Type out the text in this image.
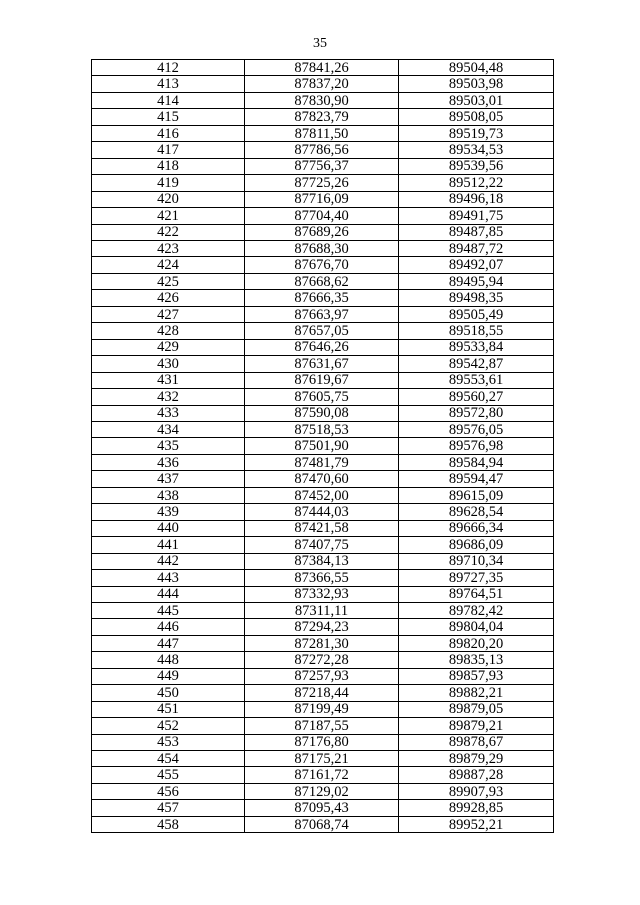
35
412	87841,26	89504,48
413	87837,20	89503,98
414	87830,90	89503,01
415	87823,79	89508,05
416	87811,50	89519,73
417	87786,56	89534,53
418	87756,37	89539,56
419	87725,26	89512,22
420	87716,09	89496,18
421	87704,40	89491,75
422	87689,26	89487,85
423	87688,30	89487,72
424	87676,70	89492,07
425	87668,62	89495,94
426	87666,35	89498,35
427	87663,97	89505,49
428	87657,05	89518,55
429	87646,26	89533,84
430	87631,67	89542,87
431	87619,67	89553,61
432	87605,75	89560,27
433	87590,08	89572,80
434	87518,53	89576,05
435	87501,90	89576,98
436	87481,79	89584,94
437	87470,60	89594,47
438	87452,00	89615,09
439	87444,03	89628,54
440	87421,58	89666,34
441	87407,75	89686,09
442	87384,13	89710,34
443	87366,55	89727,35
444	87332,93	89764,51
445	87311,11	89782,42
446	87294,23	89804,04
447	87281,30	89820,20
448	87272,28	89835,13
449	87257,93	89857,93
450	87218,44	89882,21
451	87199,49	89879,05
452	87187,55	89879,21
453	87176,80	89878,67
454	87175,21	89879,29
455	87161,72	89887,28
456	87129,02	89907,93
457	87095,43	89928,85
458	87068,74	89952,21
